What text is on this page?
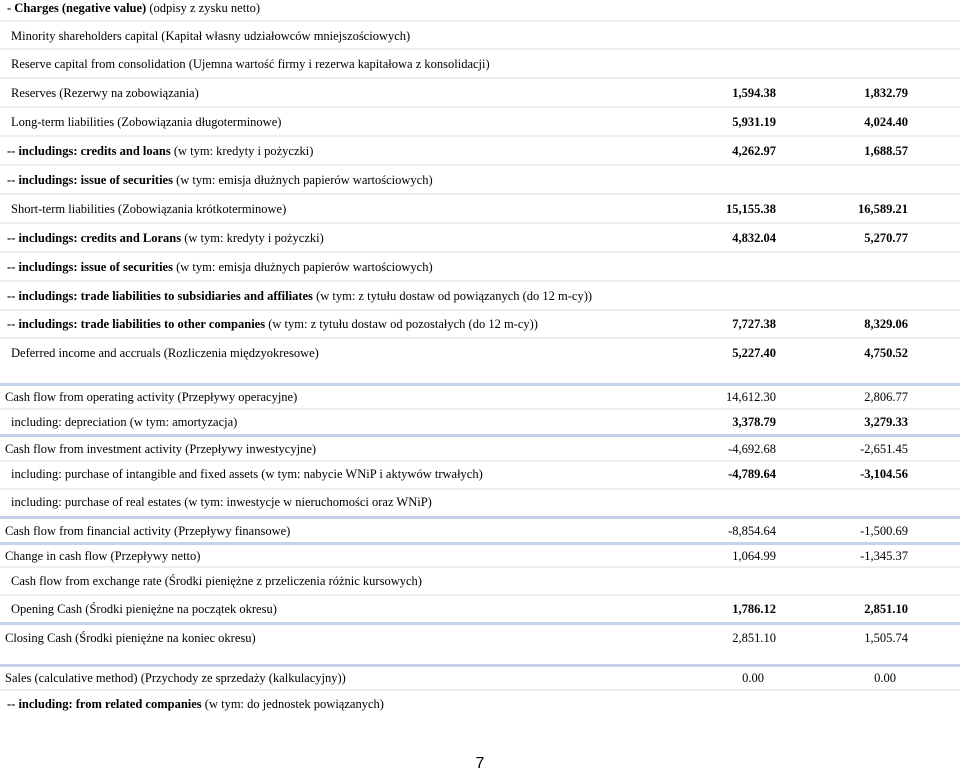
- Charges (negative value) (odpisy z zysku netto)
Minority shareholders capital (Kapitał własny udziałowców mniejszościowych)
Reserve capital from consolidation (Ujemna wartość firmy i rezerwa kapitałowa z konsolidacji)
Reserves (Rezerwy na zobowiązania)	1,594.38	1,832.79
Long-term liabilities (Zobowiązania długoterminowe)	5,931.19	4,024.40
-- includings: credits and loans (w tym: kredyty i pożyczki)	4,262.97	1,688.57
-- includings: issue of securities (w tym: emisja dłużnych papierów wartościowych)
Short-term liabilities (Zobowiązania krótkoterminowe)	15,155.38	16,589.21
-- includings: credits and Lorans (w tym: kredyty i pożyczki)	4,832.04	5,270.77
-- includings: issue of securities (w tym: emisja dłużnych papierów wartościowych)
-- includings: trade liabilities to subsidiaries and affiliates (w tym: z tytułu dostaw od powiązanych (do 12 m-cy))
-- includings: trade liabilities to other companies (w tym: z tytułu dostaw od pozostałych (do 12 m-cy))	7,727.38	8,329.06
Deferred income and accruals (Rozliczenia międzyokresowe)	5,227.40	4,750.52
Cash flow from operating activity (Przepływy operacyjne)	14,612.30	2,806.77
including: depreciation (w tym: amortyzacja)	3,378.79	3,279.33
Cash flow from investment activity (Przepływy inwestycyjne)	-4,692.68	-2,651.45
including: purchase of intangible and fixed assets (w tym: nabycie WNiP i aktywów trwałych)	-4,789.64	-3,104.56
including: purchase of real estates (w tym: inwestycje w nieruchomości oraz WNiP)
Cash flow from financial activity (Przepływy finansowe)	-8,854.64	-1,500.69
Change in cash flow (Przepływy netto)	1,064.99	-1,345.37
Cash flow from exchange rate (Środki pieniężne z przeliczenia różnic kursowych)
Opening Cash (Środki pieniężne na początek okresu)	1,786.12	2,851.10
Closing Cash (Środki pieniężne na koniec okresu)	2,851.10	1,505.74
Sales (calculative method) (Przychody ze sprzedaży (kalkulacyjny))	0.00	0.00
-- including: from related companies (w tym: do jednostek powiązanych)
7
